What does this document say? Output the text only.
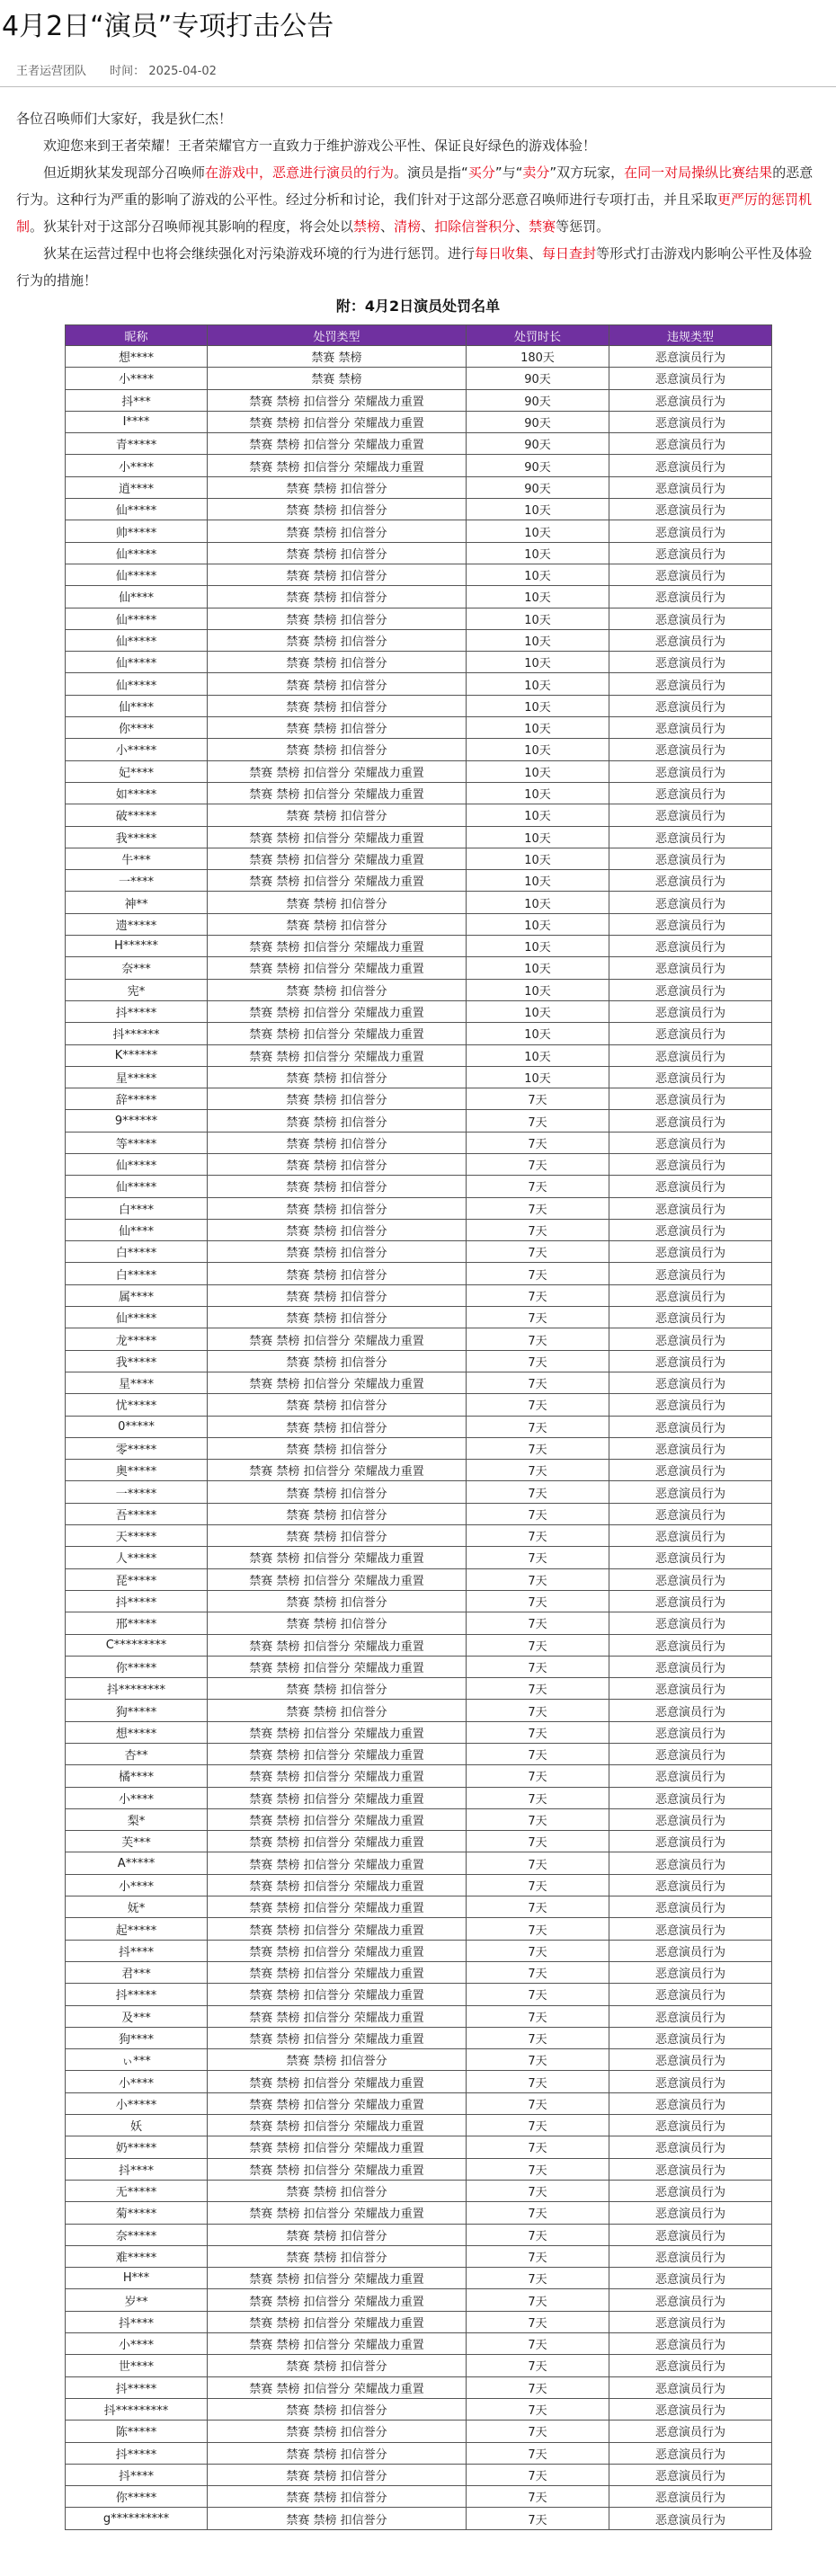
4月2日“演员”专项打击公告
王者运营团队 时间： 2025-04-02

各位召唤师们大家好，我是狄仁杰！

欢迎您来到王者荣耀！王者荣耀官方一直致力于维护游戏公平性、保证良好绿色的游戏体验！

但近期狄某发现部分召唤师在游戏中，恶意进行演员的行为。演员是指“买分”与“卖分”双方玩家，在同一对局操纵比赛结果的恶意行为。这种行为严重的影响了游戏的公平性。经过分析和讨论，我们针对于这部分恶意召唤师进行专项打击，并且采取更严厉的惩罚机制。狄某针对于这部分召唤师视其影响的程度，将会处以禁榜、清榜、扣除信誉积分、禁赛等惩罚。

狄某在运营过程中也将会继续强化对污染游戏环境的行为进行惩罚。进行每日收集、每日查封等形式打击游戏内影响公平性及体验行为的措施！

附：4月2日演员处罚名单
昵称	处罚类型	处罚时长	违规类型
想****	禁赛 禁榜	180天	恶意演员行为
小****	禁赛 禁榜	90天	恶意演员行为
抖***	禁赛 禁榜 扣信誉分 荣耀战力重置	90天	恶意演员行为
I****	禁赛 禁榜 扣信誉分 荣耀战力重置	90天	恶意演员行为
青*****	禁赛 禁榜 扣信誉分 荣耀战力重置	90天	恶意演员行为
小****	禁赛 禁榜 扣信誉分 荣耀战力重置	90天	恶意演员行为
逍****	禁赛 禁榜 扣信誉分	90天	恶意演员行为
仙*****	禁赛 禁榜 扣信誉分	10天	恶意演员行为
帅*****	禁赛 禁榜 扣信誉分	10天	恶意演员行为
仙*****	禁赛 禁榜 扣信誉分	10天	恶意演员行为
仙*****	禁赛 禁榜 扣信誉分	10天	恶意演员行为
仙****	禁赛 禁榜 扣信誉分	10天	恶意演员行为
仙*****	禁赛 禁榜 扣信誉分	10天	恶意演员行为
仙*****	禁赛 禁榜 扣信誉分	10天	恶意演员行为
仙*****	禁赛 禁榜 扣信誉分	10天	恶意演员行为
仙*****	禁赛 禁榜 扣信誉分	10天	恶意演员行为
仙****	禁赛 禁榜 扣信誉分	10天	恶意演员行为
你****	禁赛 禁榜 扣信誉分	10天	恶意演员行为
小*****	禁赛 禁榜 扣信誉分	10天	恶意演员行为
妃****	禁赛 禁榜 扣信誉分 荣耀战力重置	10天	恶意演员行为
如*****	禁赛 禁榜 扣信誉分 荣耀战力重置	10天	恶意演员行为
破*****	禁赛 禁榜 扣信誉分	10天	恶意演员行为
我*****	禁赛 禁榜 扣信誉分 荣耀战力重置	10天	恶意演员行为
牛***	禁赛 禁榜 扣信誉分 荣耀战力重置	10天	恶意演员行为
一****	禁赛 禁榜 扣信誉分 荣耀战力重置	10天	恶意演员行为
神**	禁赛 禁榜 扣信誉分	10天	恶意演员行为
遗*****	禁赛 禁榜 扣信誉分	10天	恶意演员行为
H******	禁赛 禁榜 扣信誉分 荣耀战力重置	10天	恶意演员行为
奈***	禁赛 禁榜 扣信誉分 荣耀战力重置	10天	恶意演员行为
宪*	禁赛 禁榜 扣信誉分	10天	恶意演员行为
抖*****	禁赛 禁榜 扣信誉分 荣耀战力重置	10天	恶意演员行为
抖******	禁赛 禁榜 扣信誉分 荣耀战力重置	10天	恶意演员行为
K******	禁赛 禁榜 扣信誉分 荣耀战力重置	10天	恶意演员行为
星*****	禁赛 禁榜 扣信誉分	10天	恶意演员行为
辞*****	禁赛 禁榜 扣信誉分	7天	恶意演员行为
9******	禁赛 禁榜 扣信誉分	7天	恶意演员行为
等*****	禁赛 禁榜 扣信誉分	7天	恶意演员行为
仙*****	禁赛 禁榜 扣信誉分	7天	恶意演员行为
仙*****	禁赛 禁榜 扣信誉分	7天	恶意演员行为
白****	禁赛 禁榜 扣信誉分	7天	恶意演员行为
仙****	禁赛 禁榜 扣信誉分	7天	恶意演员行为
白*****	禁赛 禁榜 扣信誉分	7天	恶意演员行为
白*****	禁赛 禁榜 扣信誉分	7天	恶意演员行为
属****	禁赛 禁榜 扣信誉分	7天	恶意演员行为
仙*****	禁赛 禁榜 扣信誉分	7天	恶意演员行为
龙*****	禁赛 禁榜 扣信誉分 荣耀战力重置	7天	恶意演员行为
我*****	禁赛 禁榜 扣信誉分	7天	恶意演员行为
星****	禁赛 禁榜 扣信誉分 荣耀战力重置	7天	恶意演员行为
忧*****	禁赛 禁榜 扣信誉分	7天	恶意演员行为
0*****	禁赛 禁榜 扣信誉分	7天	恶意演员行为
零*****	禁赛 禁榜 扣信誉分	7天	恶意演员行为
奥*****	禁赛 禁榜 扣信誉分 荣耀战力重置	7天	恶意演员行为
一*****	禁赛 禁榜 扣信誉分	7天	恶意演员行为
吾*****	禁赛 禁榜 扣信誉分	7天	恶意演员行为
天*****	禁赛 禁榜 扣信誉分	7天	恶意演员行为
人*****	禁赛 禁榜 扣信誉分 荣耀战力重置	7天	恶意演员行为
琵*****	禁赛 禁榜 扣信誉分 荣耀战力重置	7天	恶意演员行为
抖*****	禁赛 禁榜 扣信誉分	7天	恶意演员行为
邢*****	禁赛 禁榜 扣信誉分	7天	恶意演员行为
C*********	禁赛 禁榜 扣信誉分 荣耀战力重置	7天	恶意演员行为
你*****	禁赛 禁榜 扣信誉分 荣耀战力重置	7天	恶意演员行为
抖********	禁赛 禁榜 扣信誉分	7天	恶意演员行为
狗*****	禁赛 禁榜 扣信誉分	7天	恶意演员行为
想*****	禁赛 禁榜 扣信誉分 荣耀战力重置	7天	恶意演员行为
杏**	禁赛 禁榜 扣信誉分 荣耀战力重置	7天	恶意演员行为
橘****	禁赛 禁榜 扣信誉分 荣耀战力重置	7天	恶意演员行为
小****	禁赛 禁榜 扣信誉分 荣耀战力重置	7天	恶意演员行为
梨*	禁赛 禁榜 扣信誉分 荣耀战力重置	7天	恶意演员行为
芙***	禁赛 禁榜 扣信誉分 荣耀战力重置	7天	恶意演员行为
A*****	禁赛 禁榜 扣信誉分 荣耀战力重置	7天	恶意演员行为
小****	禁赛 禁榜 扣信誉分 荣耀战力重置	7天	恶意演员行为
妩*	禁赛 禁榜 扣信誉分 荣耀战力重置	7天	恶意演员行为
起*****	禁赛 禁榜 扣信誉分 荣耀战力重置	7天	恶意演员行为
抖****	禁赛 禁榜 扣信誉分 荣耀战力重置	7天	恶意演员行为
君***	禁赛 禁榜 扣信誉分 荣耀战力重置	7天	恶意演员行为
抖*****	禁赛 禁榜 扣信誉分 荣耀战力重置	7天	恶意演员行为
及***	禁赛 禁榜 扣信誉分 荣耀战力重置	7天	恶意演员行为
狗****	禁赛 禁榜 扣信誉分 荣耀战力重置	7天	恶意演员行为
ぃ***	禁赛 禁榜 扣信誉分	7天	恶意演员行为
小****	禁赛 禁榜 扣信誉分 荣耀战力重置	7天	恶意演员行为
小*****	禁赛 禁榜 扣信誉分 荣耀战力重置	7天	恶意演员行为
妖	禁赛 禁榜 扣信誉分 荣耀战力重置	7天	恶意演员行为
奶*****	禁赛 禁榜 扣信誉分 荣耀战力重置	7天	恶意演员行为
抖****	禁赛 禁榜 扣信誉分 荣耀战力重置	7天	恶意演员行为
无*****	禁赛 禁榜 扣信誉分	7天	恶意演员行为
菊*****	禁赛 禁榜 扣信誉分 荣耀战力重置	7天	恶意演员行为
奈*****	禁赛 禁榜 扣信誉分	7天	恶意演员行为
难*****	禁赛 禁榜 扣信誉分	7天	恶意演员行为
H***	禁赛 禁榜 扣信誉分 荣耀战力重置	7天	恶意演员行为
岁**	禁赛 禁榜 扣信誉分 荣耀战力重置	7天	恶意演员行为
抖****	禁赛 禁榜 扣信誉分 荣耀战力重置	7天	恶意演员行为
小****	禁赛 禁榜 扣信誉分 荣耀战力重置	7天	恶意演员行为
世****	禁赛 禁榜 扣信誉分	7天	恶意演员行为
抖*****	禁赛 禁榜 扣信誉分 荣耀战力重置	7天	恶意演员行为
抖*********	禁赛 禁榜 扣信誉分	7天	恶意演员行为
陈*****	禁赛 禁榜 扣信誉分	7天	恶意演员行为
抖*****	禁赛 禁榜 扣信誉分	7天	恶意演员行为
抖****	禁赛 禁榜 扣信誉分	7天	恶意演员行为
你*****	禁赛 禁榜 扣信誉分	7天	恶意演员行为
g**********	禁赛 禁榜 扣信誉分	7天	恶意演员行为
